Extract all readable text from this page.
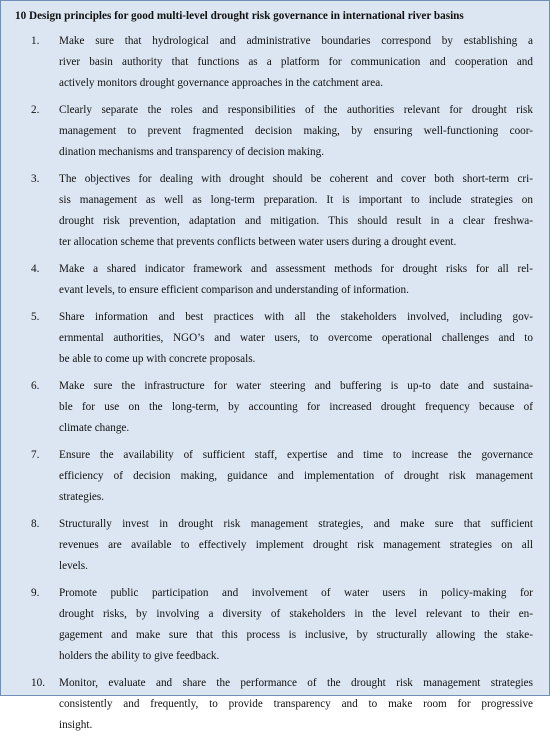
10 Design principles for good multi-level drought risk governance in international river basins
1.	Make sure that hydrological and administrative boundaries correspond by establishing a
river basin authority that functions as a platform for communication and cooperation and
actively monitors drought governance approaches in the catchment area.
2.	Clearly separate the roles and responsibilities of the authorities relevant for drought risk
management to prevent fragmented decision making, by ensuring well-functioning coor-
dination mechanisms and transparency of decision making.
3.	The objectives for dealing with drought should be coherent and cover both short-term cri-
sis management as well as long-term preparation. It is important to include strategies on
drought risk prevention, adaptation and mitigation. This should result in a clear freshwa-
ter allocation scheme that prevents conflicts between water users during a drought event.
4.	Make a shared indicator framework and assessment methods for drought risks for all rel-
evant levels, to ensure efficient comparison and understanding of information.
5.	Share information and best practices with all the stakeholders involved, including gov-
ernmental authorities, NGO’s and water users, to overcome operational challenges and to
be able to come up with concrete proposals.
6.	Make sure the infrastructure for water steering and buffering is up-to date and sustaina-
ble for use on the long-term, by accounting for increased drought frequency because of
climate change.
7.	Ensure the availability of sufficient staff, expertise and time to increase the governance
efficiency of decision making, guidance and implementation of drought risk management
strategies.
8.	Structurally invest in drought risk management strategies, and make sure that sufficient
revenues are available to effectively implement drought risk management strategies on all
levels.
9.	Promote public participation and involvement of water users in policy-making for
drought risks, by involving a diversity of stakeholders in the level relevant to their en-
gagement and make sure that this process is inclusive, by structurally allowing the stake-
holders the ability to give feedback.
10.	Monitor, evaluate and share the performance of the drought risk management strategies
consistently and frequently, to provide transparency and to make room for progressive
insight.
